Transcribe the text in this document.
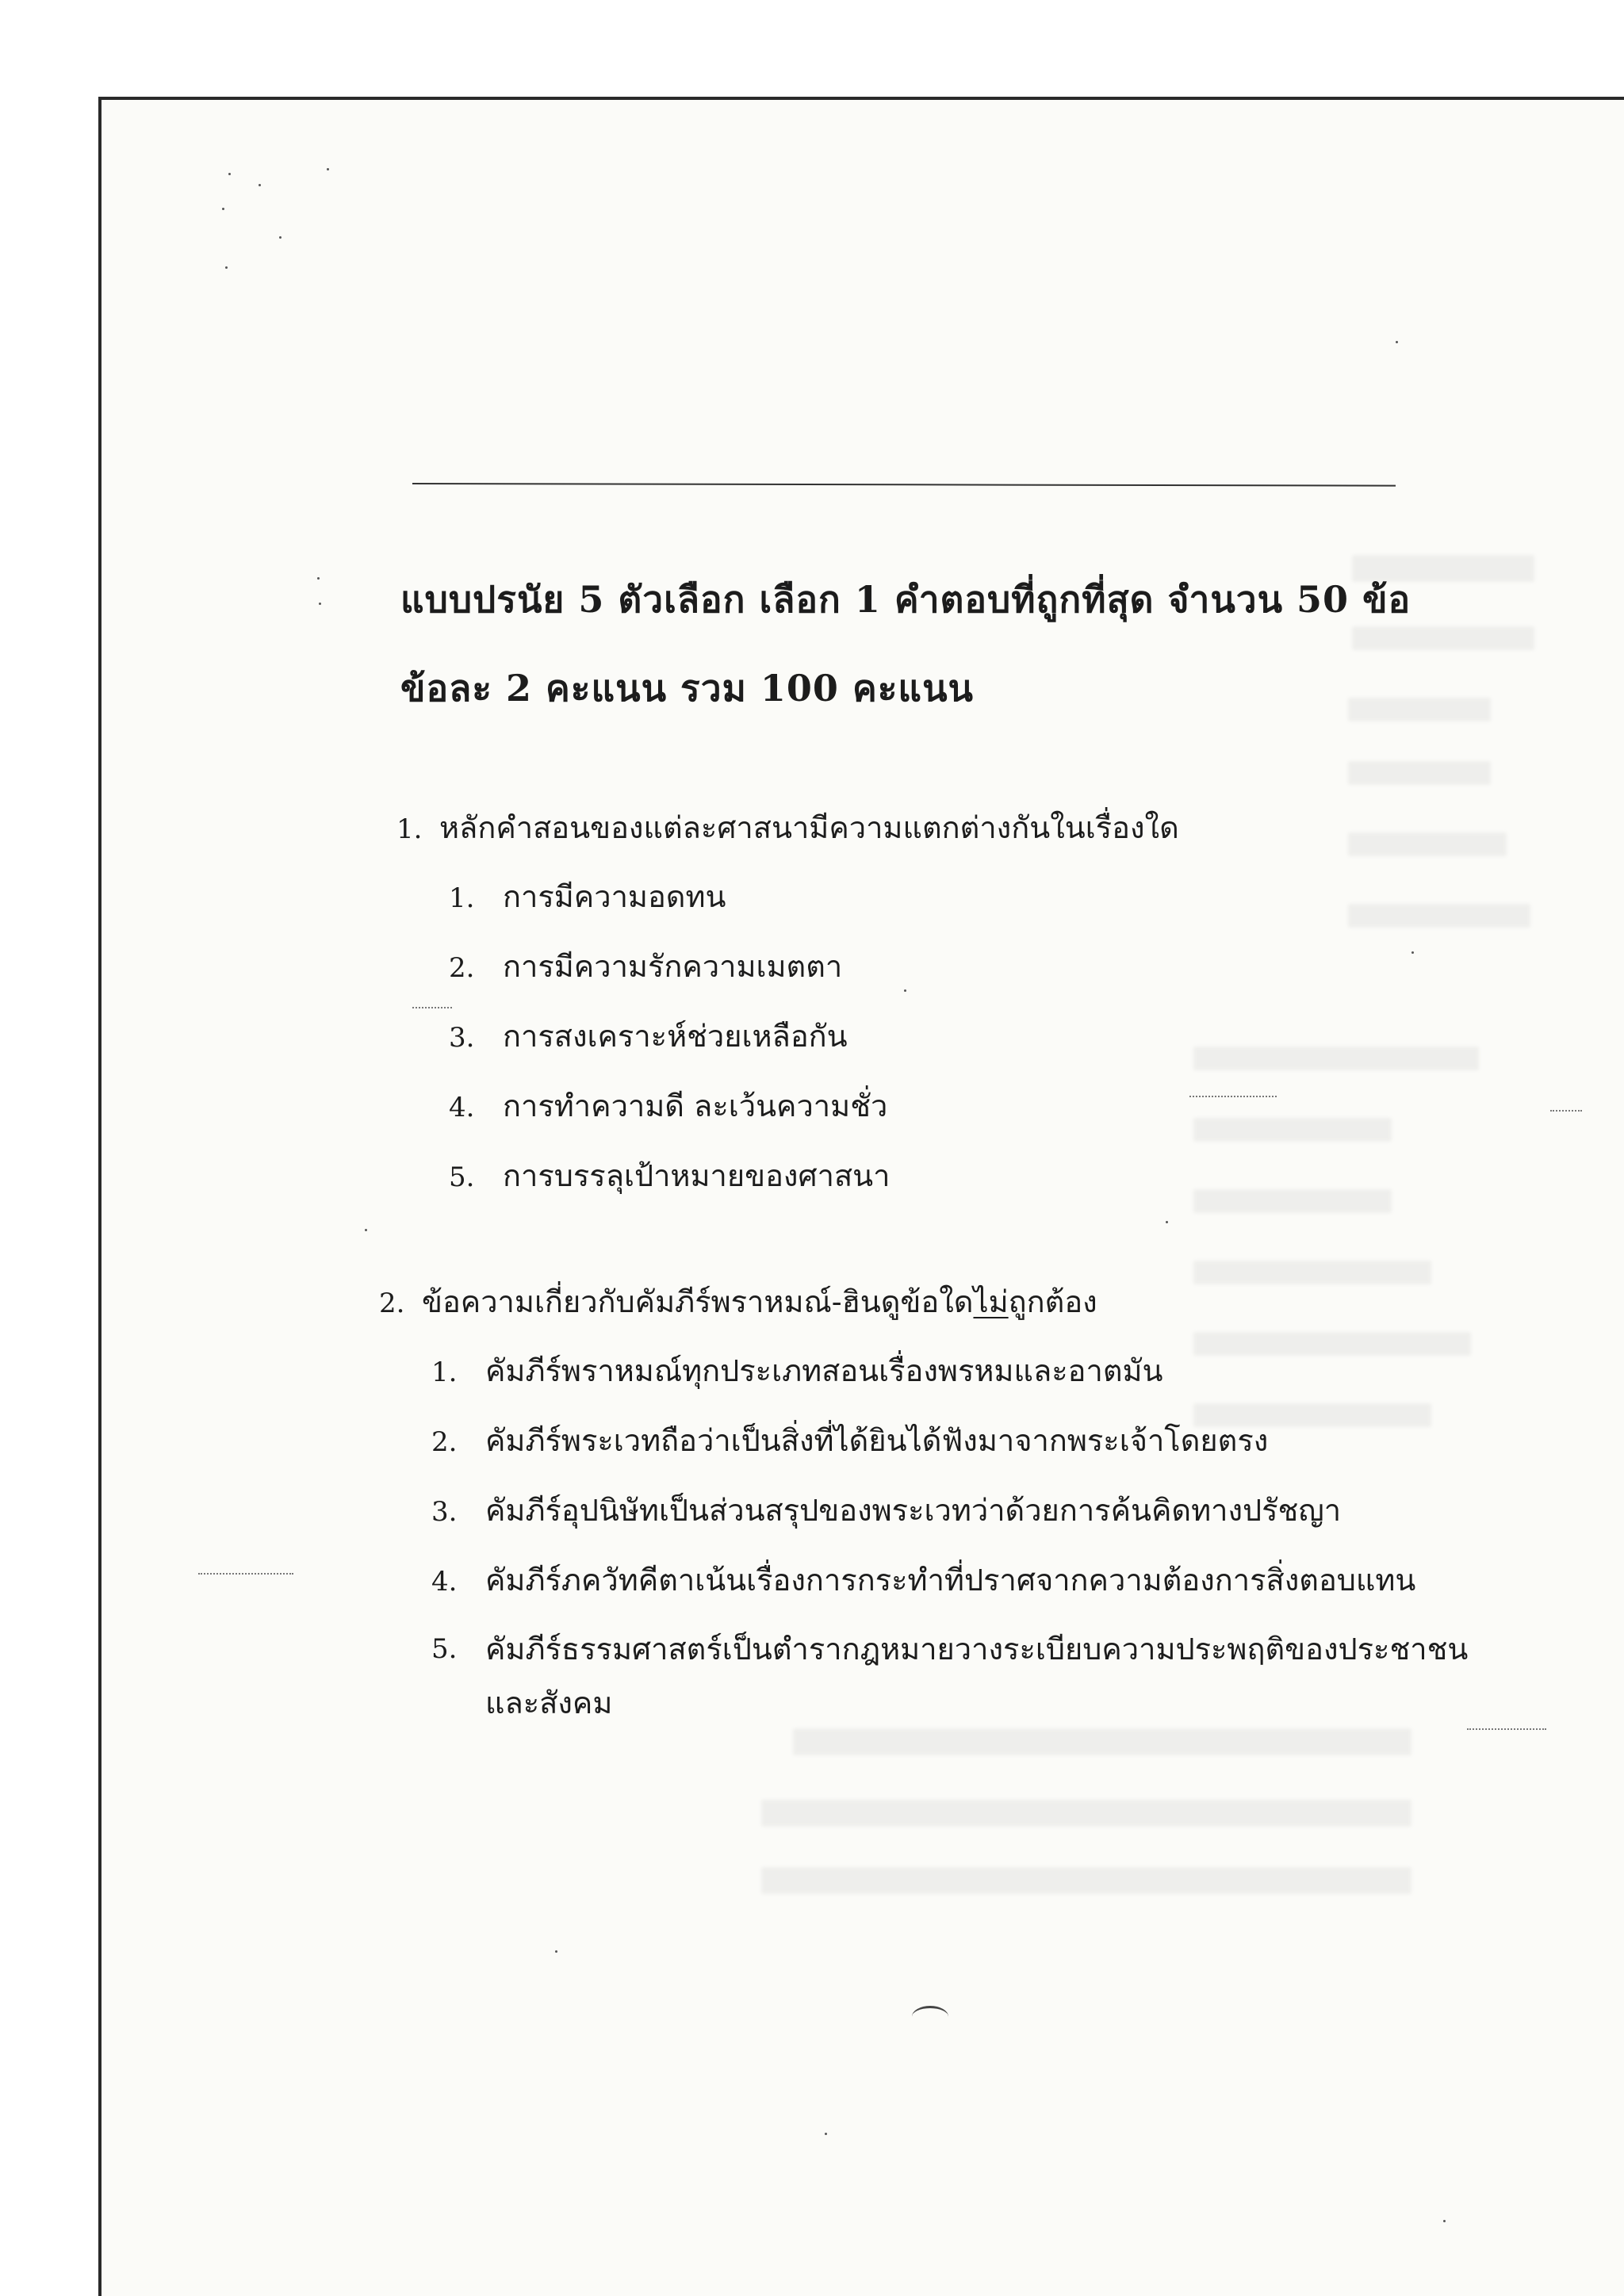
แบบปรนัย 5 ตัวเลือก เลือก 1 คำตอบที่ถูกที่สุด จำนวน 50 ข้อ
ข้อละ 2 คะแนน รวม 100 คะแนน
1. หลักคำสอนของแต่ละศาสนามีความแตกต่างกันในเรื่องใด
1. การมีความอดทน
2. การมีความรักความเมตตา
3. การสงเคราะห์ช่วยเหลือกัน
4. การทำความดี ละเว้นความชั่ว
5. การบรรลุเป้าหมายของศาสนา
2. ข้อความเกี่ยวกับคัมภีร์พราหมณ์-ฮินดูข้อใดไม่ถูกต้อง
1. คัมภีร์พราหมณ์ทุกประเภทสอนเรื่องพรหมและอาตมัน
2. คัมภีร์พระเวทถือว่าเป็นสิ่งที่ได้ยินได้ฟังมาจากพระเจ้าโดยตรง
3. คัมภีร์อุปนิษัทเป็นส่วนสรุปของพระเวทว่าด้วยการค้นคิดทางปรัชญา
4. คัมภีร์ภควัทคีตาเน้นเรื่องการกระทำที่ปราศจากความต้องการสิ่งตอบแทน
5. คัมภีร์ธรรมศาสตร์เป็นตำรากฎหมายวางระเบียบความประพฤติของประชาชนและสังคม
